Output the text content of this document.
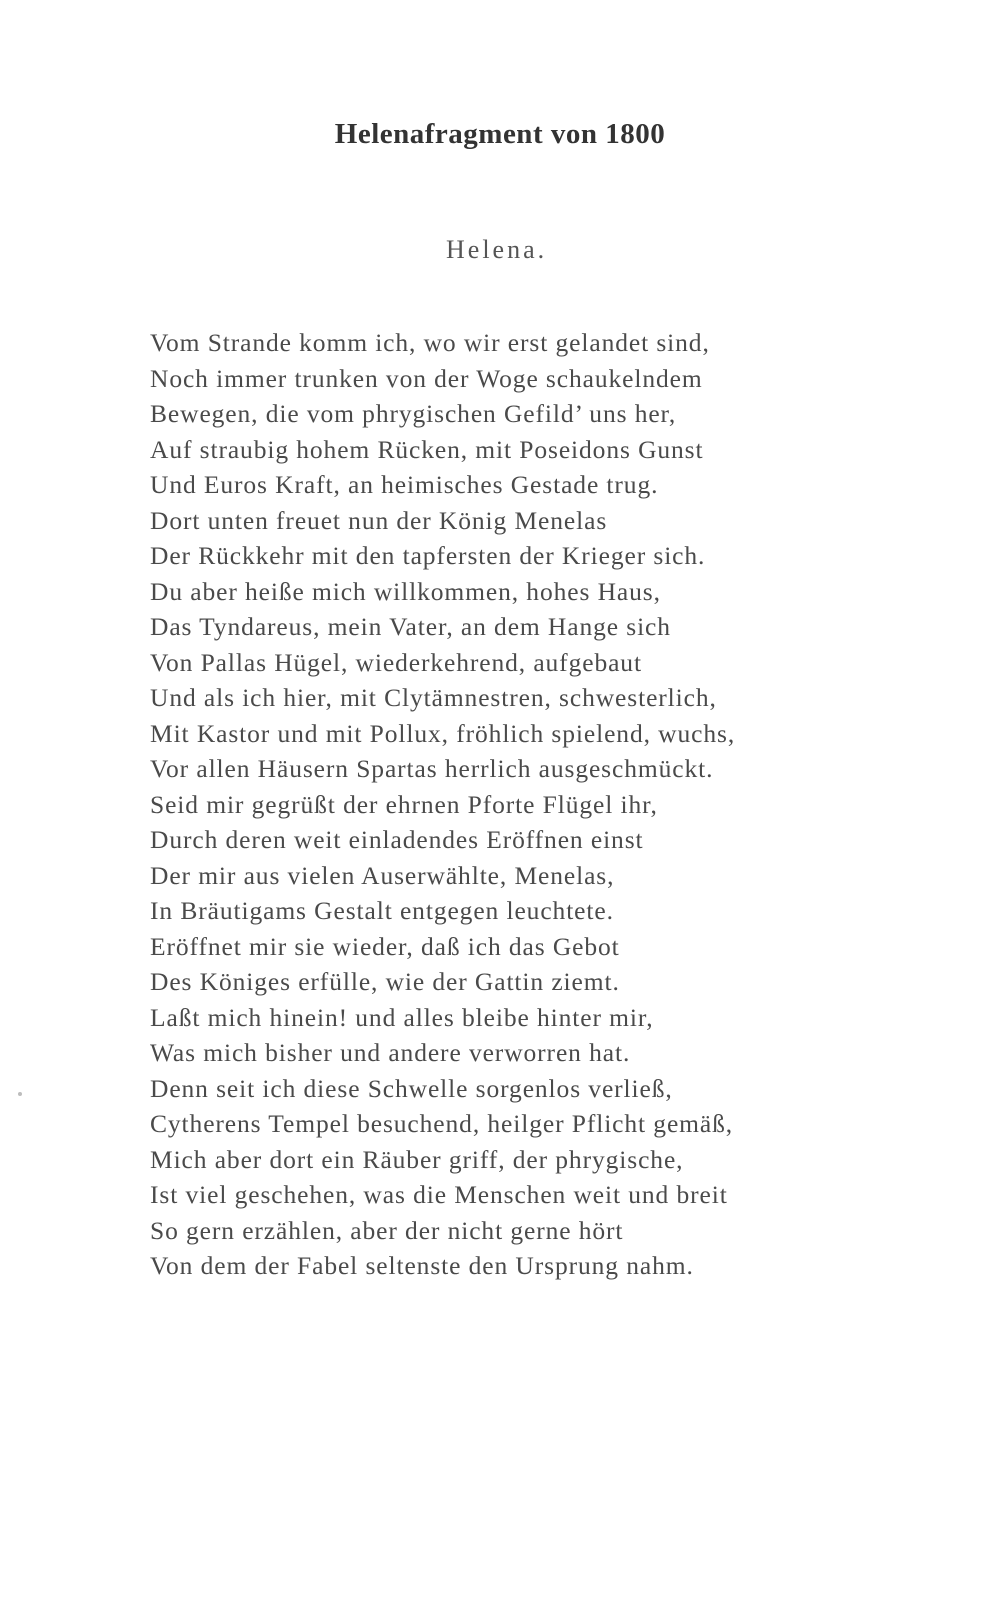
Helenafragment von 1800

Helena.

Vom Strande komm ich, wo wir erst gelandet sind,
Noch immer trunken von der Woge schaukelndem
Bewegen, die vom phrygischen Gefild’ uns her,
Auf straubig hohem Rücken, mit Poseidons Gunst
Und Euros Kraft, an heimisches Gestade trug.
Dort unten freuet nun der König Menelas
Der Rückkehr mit den tapfersten der Krieger sich.
Du aber heiße mich willkommen, hohes Haus,
Das Tyndareus, mein Vater, an dem Hange sich
Von Pallas Hügel, wiederkehrend, aufgebaut
Und als ich hier, mit Clytämnestren, schwesterlich,
Mit Kastor und mit Pollux, fröhlich spielend, wuchs,
Vor allen Häusern Spartas herrlich ausgeschmückt.
Seid mir gegrüßt der ehrnen Pforte Flügel ihr,
Durch deren weit einladendes Eröffnen einst
Der mir aus vielen Auserwählte, Menelas,
In Bräutigams Gestalt entgegen leuchtete.
Eröffnet mir sie wieder, daß ich das Gebot
Des Königes erfülle, wie der Gattin ziemt.
Laßt mich hinein! und alles bleibe hinter mir,
Was mich bisher und andere verworren hat.
Denn seit ich diese Schwelle sorgenlos verließ,
Cytherens Tempel besuchend, heilger Pflicht gemäß,
Mich aber dort ein Räuber griff, der phrygische,
Ist viel geschehen, was die Menschen weit und breit
So gern erzählen, aber der nicht gerne hört
Von dem der Fabel seltenste den Ursprung nahm.
